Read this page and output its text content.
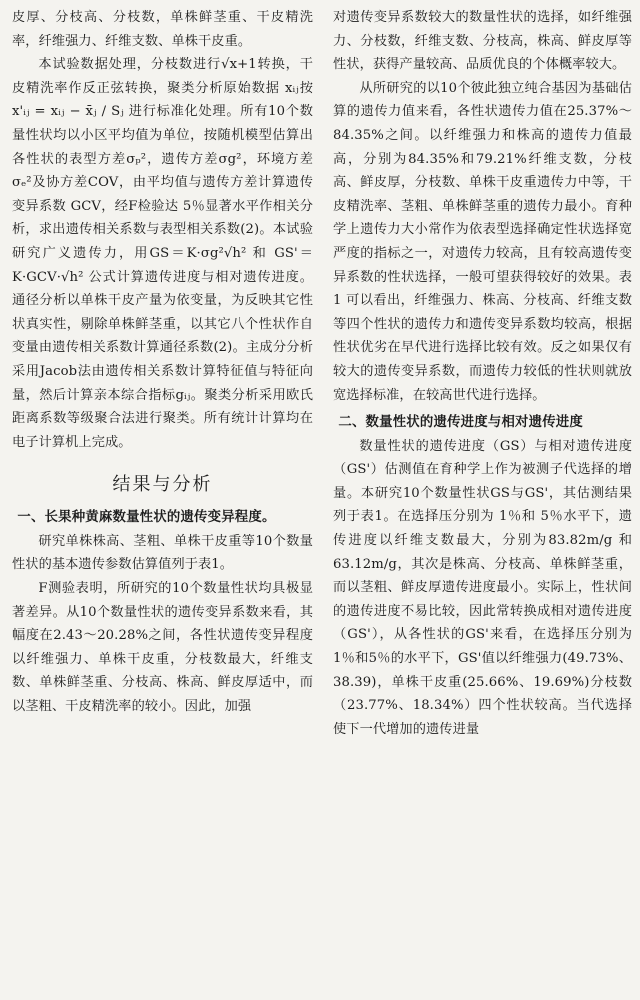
皮厚、分枝高、分枝数，单株鲜茎重、干皮精洗率，纤维强力、纤维支数、单株干皮重。

本试验数据处理，分枝数进行√x+1转换，干皮精洗率作反正弦转换，聚类分析原始数据 xᵢⱼ按 x'ᵢⱼ = xᵢⱼ − x̄ⱼ / Sⱼ 进行标准化处理。所有10个数量性状均以小区平均值为单位，按随机模型估算出各性状的表型方差σₚ²，遗传方差σg²，环境方差σₑ²及协方差COV，由平均值与遗传方差计算遗传变异系数 GCV，经F检验达 5％显著水平作相关分析，求出遗传相关系数与表型相关系数(2)。本试验研究广义遗传力，用GS＝K·σg²√h² 和 GS'＝K·GCV·√h² 公式计算遗传进度与相对遗传进度。通径分析以单株干皮产量为依变量，为反映其它性状真实性，剔除单株鲜茎重，以其它八个性状作自变量由遗传相关系数计算通径系数(2)。主成分分析采用Jacob法由遗传相关系数计算特征值与特征向量，然后计算亲本综合指标gᵢⱼ。聚类分析采用欧氏距离系数等级聚合法进行聚类。所有统计计算均在电子计算机上完成。

结果与分析

一、长果种黄麻数量性状的遗传变异程度。

研究单株株高、茎粗、单株干皮重等10个数量性状的基本遗传参数估算值列于表1。

F测验表明，所研究的10个数量性状均具极显著差异。从10个数量性状的遗传变异系数来看，其幅度在2.43～20.28%之间，各性状遗传变异程度以纤维强力、单株干皮重，分枝数最大，纤维支数、单株鲜茎重、分枝高、株高、鲜皮厚适中，而以茎粗、干皮精洗率的较小。因此，加强

对遗传变异系数较大的数量性状的选择，如纤维强力、分枝数，纤维支数、分枝高，株高、鲜皮厚等性状，获得产量较高、品质优良的个体概率较大。

从所研究的以10个彼此独立纯合基因为基础估算的遗传力值来看，各性状遗传力值在25.37%～84.35%之间。以纤维强力和株高的遗传力值最高，分别为84.35%和79.21%纤维支数，分枝高、鲜皮厚，分枝数、单株干皮重遗传力中等，干皮精洗率、茎粗、单株鲜茎重的遗传力最小。育种学上遗传力大小常作为依表型选择确定性状选择宽严度的指标之一，对遗传力较高，且有较高遗传变异系数的性状选择，一般可望获得较好的效果。表 1 可以看出，纤维强力、株高、分枝高、纤维支数等四个性状的遗传力和遗传变异系数均较高，根据性状优劣在早代进行选择比较有效。反之如果仅有较大的遗传变异系数，而遗传力较低的性状则就放宽选择标准，在较高世代进行选择。

二、数量性状的遗传进度与相对遗传进度

数量性状的遗传进度（GS）与相对遗传进度（GS'）估测值在育种学上作为被测子代选择的增量。本研究10个数量性状GS与GS'，其估测结果列于表1。在选择压分别为 1％和 5％水平下，遗传进度以纤维支数最大，分别为83.82m/g 和63.12m/g，其次是株高、分枝高、单株鲜茎重，而以茎粗、鲜皮厚遗传进度最小。实际上，性状间的遗传进度不易比较，因此常转换成相对遗传进度（GS'），从各性状的GS'来看，在选择压分别为 1％和5％的水平下，GS'值以纤维强力(49.73%、38.39)，单株干皮重(25.66%、19.69%)分枝数（23.77%、18.34%）四个性状较高。当代选择使下一代增加的遗传进量
